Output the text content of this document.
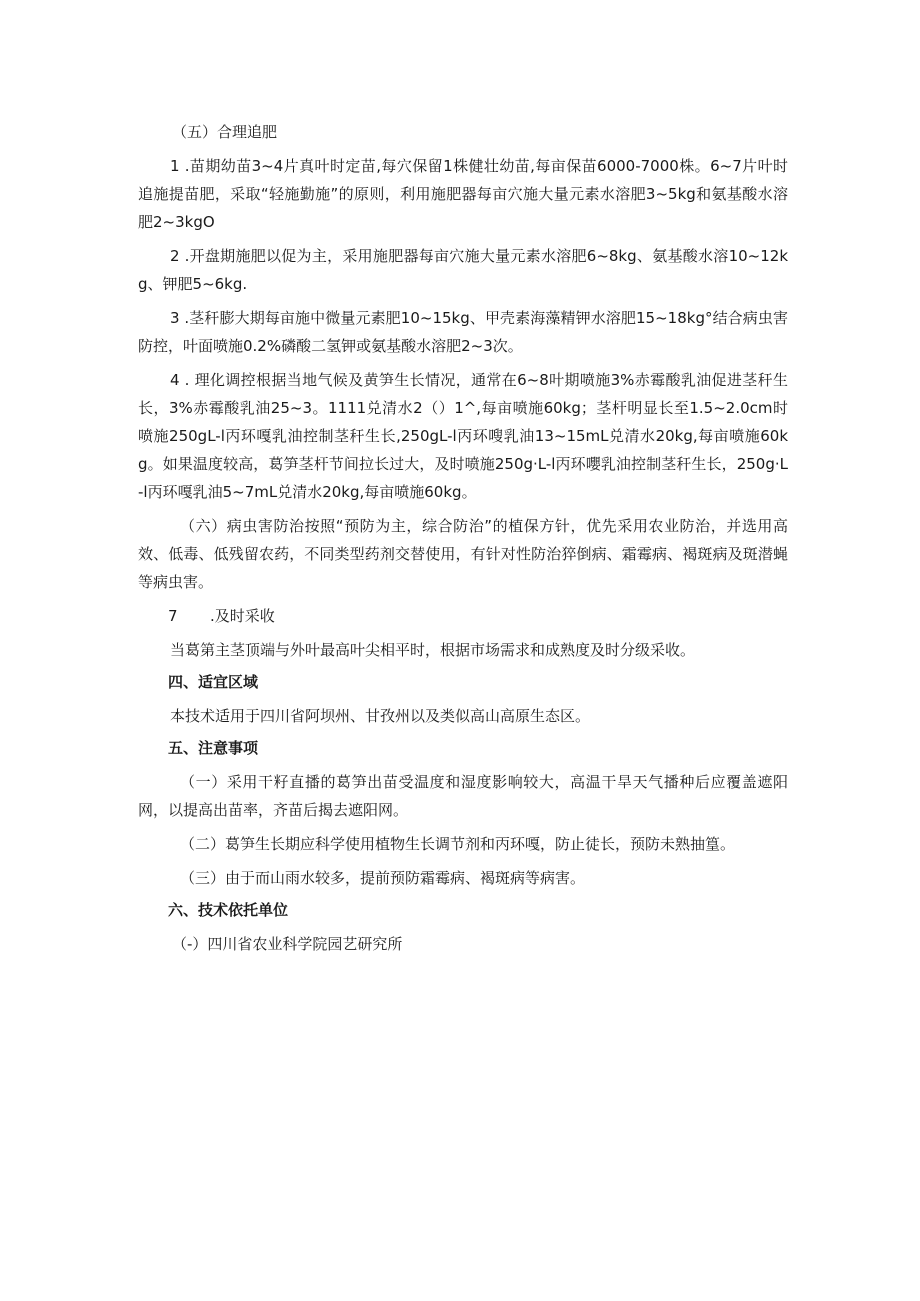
（五）合理追肥

1 .苗期幼苗3~4片真叶时定苗,每穴保留1株健壮幼苗,每亩保苗6000-7000株。6~7片叶时追施提苗肥，采取“轻施勤施”的原则，利用施肥器每亩穴施大量元素水溶肥3~5kg和氨基酸水溶肥2~3kgO

2 .开盘期施肥以促为主，采用施肥器每亩穴施大量元素水溶肥6~8kg、氨基酸水溶10~12kg、钾肥5~6kg.

3 .茎秆膨大期每亩施中微量元素肥10~15kg、甲壳素海藻精钾水溶肥15~18kg°结合病虫害防控，叶面喷施0.2%磷酸二氢钾或氨基酸水溶肥2~3次。

4 . 理化调控根据当地气候及黄笋生长情况，通常在6~8叶期喷施3%赤霉酸乳油促进茎秆生长，3%赤霉酸乳油25~3。1111兑清水2（）1^,每亩喷施60kg；茎杆明显长至1.5~2.0cm时喷施250gL-l丙环嘎乳油控制茎秆生长,250gL-l丙环嗖乳油13~15mL兑清水20kg,每亩喷施60kg。如果温度较高，葛笋茎杆节间拉长过大，及时喷施250g·L-l丙环嚶乳油控制茎秆生长，250g·L-l丙环嘎乳油5~7mL兑清水20kg,每亩喷施60kg。

（六）病虫害防治按照“预防为主，综合防治”的植保方针，优先采用农业防治，并选用高效、低毒、低残留农药，不同类型药剂交替使用，有针对性防治猝倒病、霜霉病、褐斑病及斑潜蝇等病虫害。

7 .及时采收

当葛第主茎顶端与外叶最高叶尖相平时，根据市场需求和成熟度及时分级采收。

四、适宜区域

本技术适用于四川省阿坝州、甘孜州以及类似高山高原生态区。

五、注意事项

（一）采用干籽直播的葛笋出苗受温度和湿度影响较大，高温干旱天气播种后应覆盖遮阳网，以提高出苗率，齐苗后揭去遮阳网。

（二）葛笋生长期应科学使用植物生长调节剂和丙环嘎，防止徒长，预防未熟抽篁。

（三）由于而山雨水较多，提前预防霜霉病、褐斑病等病害。

六、技术依托单位

（-）四川省农业科学院园艺研究所
